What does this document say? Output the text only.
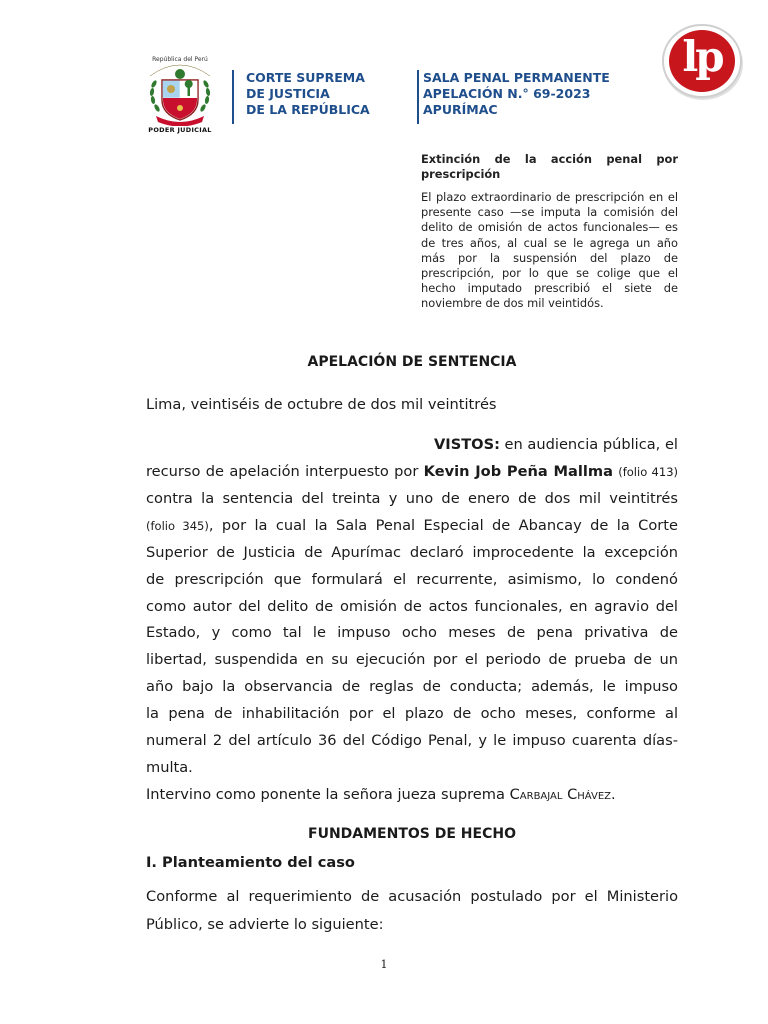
República del Perú
PODER JUDICIAL
CORTE SUPREMA
DE JUSTICIA
DE LA REPÚBLICA
SALA PENAL PERMANENTE
APELACIÓN N.° 69-2023
APURÍMAC
lp
Extinción de la acción penal por prescripción
El plazo extraordinario de prescripción en el presente caso —se imputa la comisión del delito de omisión de actos funcionales— es de tres años, al cual se le agrega un año más por la suspensión del plazo de prescripción, por lo que se colige que el hecho imputado prescribió el siete de noviembre de dos mil veintidós.
APELACIÓN DE SENTENCIA
Lima, veintiséis de octubre de dos mil veintitrés
VISTOS: en audiencia pública, el
recurso de apelación interpuesto por Kevin Job Peña Mallma (folio 413)
contra la sentencia del treinta y uno de enero de dos mil veintitrés
(folio 345), por la cual la Sala Penal Especial de Abancay de la Corte
Superior de Justicia de Apurímac declaró improcedente la excepción
de prescripción que formulará el recurrente, asimismo, lo condenó
como autor del delito de omisión de actos funcionales, en agravio del
Estado, y como tal le impuso ocho meses de pena privativa de
libertad, suspendida en su ejecución por el periodo de prueba de un
año bajo la observancia de reglas de conducta; además, le impuso
la pena de inhabilitación por el plazo de ocho meses, conforme al
numeral 2 del artículo 36 del Código Penal, y le impuso cuarenta días-
multa.
Intervino como ponente la señora jueza suprema Carbajal Chávez.
FUNDAMENTOS DE HECHO
I. Planteamiento del caso
Conforme al requerimiento de acusación postulado por el Ministerio
Público, se advierte lo siguiente:
1
